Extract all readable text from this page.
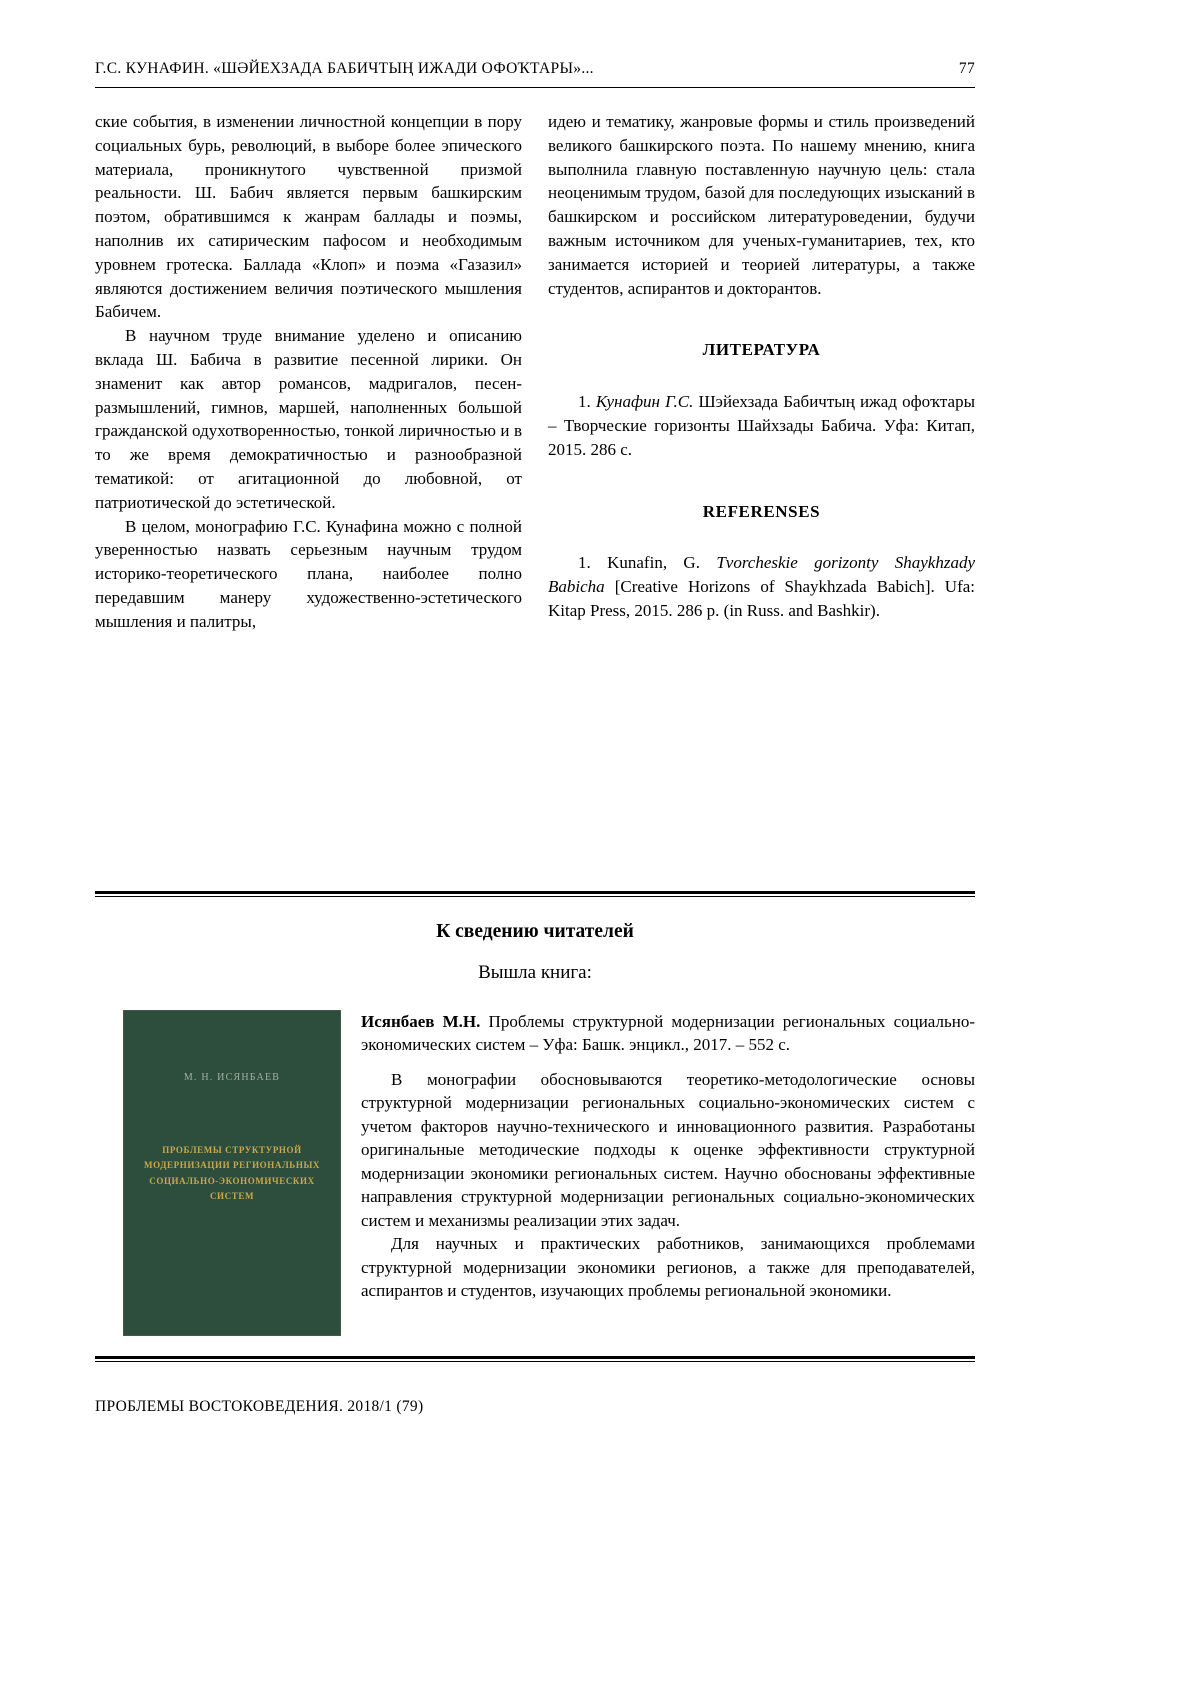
Г.С. КУНАФИН. «ШӘЙЕХЗАДА БАБИЧТЫҢ ИЖАДИ ОФОҠТАРЫ»...	77

ские события, в изменении личностной концепции в пору социальных бурь, революций, в выборе более эпического материала, проникнутого чувственной призмой реальности. Ш. Бабич является первым башкирским поэтом, обратившимся к жанрам баллады и поэмы, наполнив их сатирическим пафосом и необходимым уровнем гротеска. Баллада «Клоп» и поэма «Газазил» являются достижением величия поэтического мышления Бабичем.

В научном труде внимание уделено и описанию вклада Ш. Бабича в развитие песенной лирики. Он знаменит как автор романсов, мадригалов, песен-размышлений, гимнов, маршей, наполненных большой гражданской одухотворенностью, тонкой лиричностью и в то же время демократичностью и разнообразной тематикой: от агитационной до любовной, от патриотической до эстетической.

В целом, монографию Г.С. Кунафина можно с полной уверенностью назвать серьезным научным трудом историко-теоретического плана, наиболее полно передавшим манеру художественно-эстетического мышления и палитры,

идею и тематику, жанровые формы и стиль произведений великого башкирского поэта. По нашему мнению, книга выполнила главную поставленную научную цель: стала неоценимым трудом, базой для последующих изысканий в башкирском и российском литературоведении, будучи важным источником для ученых-гуманитариев, тех, кто занимается историей и теорией литературы, а также студентов, аспирантов и докторантов.

ЛИТЕРАТУРА

1. Кунафин Г.С. Шэйехзада Бабичтың ижад офоҡтары – Творческие горизонты Шайхзады Бабича. Уфа: Китап, 2015. 286 с.

REFERENSES

1. Kunafin, G. Tvorcheskie gorizonty Shaykhzady Babicha [Creative Horizons of Shaykhzada Babich]. Ufa: Kitap Press, 2015. 286 p. (in Russ. and Bashkir).

К сведению читателей
Вышла книга:
М. Н. ИСЯНБАЕВ
ПРОБЛЕМЫ СТРУКТУРНОЙ
МОДЕРНИЗАЦИИ РЕГИОНАЛЬНЫХ
СОЦИАЛЬНО-ЭКОНОМИЧЕСКИХ СИСТЕМ

Исянбаев М.Н. Проблемы структурной модернизации региональных социально-экономических систем – Уфа: Башк. энцикл., 2017. – 552 с.

В монографии обосновываются теоретико-методологические основы структурной модернизации региональных социально-экономических систем с учетом факторов научно-технического и инновационного развития. Разработаны оригинальные методические подходы к оценке эффективности структурной модернизации экономики региональных систем. Научно обоснованы эффективные направления структурной модернизации региональных социально-экономических систем и механизмы реализации этих задач.

Для научных и практических работников, занимающихся проблемами структурной модернизации экономики регионов, а также для преподавателей, аспирантов и студентов, изучающих проблемы региональной экономики.

ПРОБЛЕМЫ ВОСТОКОВЕДЕНИЯ. 2018/1 (79)
